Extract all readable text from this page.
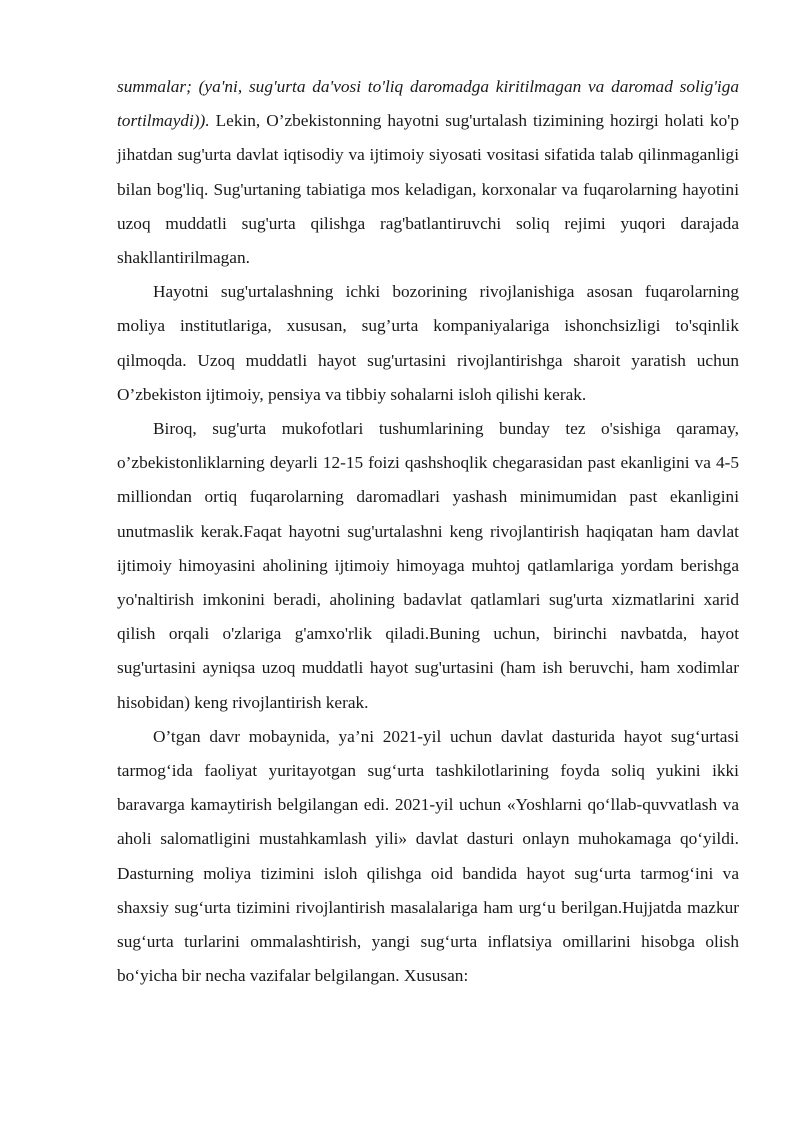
summalar; (ya'ni, sug'urta da'vosi to'liq daromadga kiritilmagan va daromad solig'iga tortilmaydi)). Lekin, O’zbekistonning hayotni sug'urtalash tizimining hozirgi holati ko'p jihatdan sug'urta davlat iqtisodiy va ijtimoiy siyosati vositasi sifatida talab qilinmaganligi bilan bog'liq. Sug'urtaning tabiatiga mos keladigan, korxonalar va fuqarolarning hayotini uzoq muddatli sug'urta qilishga rag'batlantiruvchi soliq rejimi yuqori darajada shakllantirilmagan.

Hayotni sug'urtalashning ichki bozorining rivojlanishiga asosan fuqarolarning moliya institutlariga, xususan, sug’urta kompaniyalariga ishonchsizligi to'sqinlik qilmoqda. Uzoq muddatli hayot sug'urtasini rivojlantirishga sharoit yaratish uchun O’zbekiston ijtimoiy, pensiya va tibbiy sohalarni isloh qilishi kerak.

Biroq, sug'urta mukofotlari tushumlarining bunday tez o'sishiga qaramay, o’zbekistonliklarning deyarli 12-15 foizi qashshoqlik chegarasidan past ekanligini va 4-5 milliondan ortiq fuqarolarning daromadlari yashash minimumidan past ekanligini unutmaslik kerak.Faqat hayotni sug'urtalashni keng rivojlantirish haqiqatan ham davlat ijtimoiy himoyasini aholining ijtimoiy himoyaga muhtoj qatlamlariga yordam berishga yo'naltirish imkonini beradi, aholining badavlat qatlamlari sug'urta xizmatlarini xarid qilish orqali o'zlariga g'amxo'rlik qiladi.Buning uchun, birinchi navbatda, hayot sug'urtasini ayniqsa uzoq muddatli hayot sug'urtasini (ham ish beruvchi, ham xodimlar hisobidan) keng rivojlantirish kerak.

O’tgan davr mobaynida, ya’ni 2021-yil uchun davlat dasturida hayot sug‘urtasi tarmog‘ida faoliyat yuritayotgan sug‘urta tashkilotlarining foyda soliq yukini ikki baravarga kamaytirish belgilangan edi. 2021-yil uchun «Yoshlarni qo‘llab-quvvatlash va aholi salomatligini mustahkamlash yili» davlat dasturi onlayn muhokamaga qo‘yildi. Dasturning moliya tizimini isloh qilishga oid bandida hayot sug‘urta tarmog‘ini va shaxsiy sug‘urta tizimini rivojlantirish masalalariga ham urg‘u berilgan.Hujjatda mazkur sug‘urta turlarini ommalashtirish, yangi sug‘urta inflatsiya omillarini hisobga olish bo‘yicha bir necha vazifalar belgilangan. Xususan:
